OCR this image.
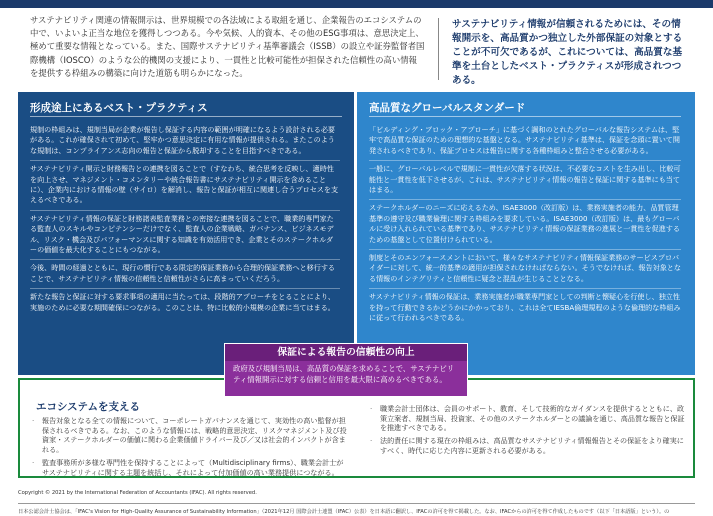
サステナビリティ関連の情報開示は、世界規模での各法域による取組を通じ、企業報告のエコシステムの中で、いよいよ正当な地位を獲得しつつある。今や気候、人的資本、その他のESG事項は、意思決定上、極めて重要な情報となっている。また、国際サステナビリティ基準審議会（ISSB）の設立や証券監督者国際機構（IOSCO）のような公的機関の支援により、一貫性と比較可能性が担保された信頼性の高い情報を提供する枠組みの構築に向けた道筋も明らかになった。
サステナビリティ情報が信頼されるためには、その情報開示を、高品質かつ独立した外部保証の対象とすることが不可欠であるが、これについては、高品質な基準を土台としたベスト・プラクティスが形成されつつある。
形成途上にあるベスト・プラクティス

規制の枠組みは、規制当局が企業が報告し保証する内容の範囲が明確になるよう設計される必要がある。これが確保されて初めて、堅牢かつ意思決定に有用な情報が提供される。またこのような規制は、コンプライアンス志向の報告と保証から脱却することを目指すべきである。

サステナビリティ開示と財務報告との連携を図ることで（すなわち、統合思考を反映し、適時性を向上させ、マネジメント・コメンタリーや統合報告書にサステナビリティ開示を含めることに）、企業内における情報の壁（サイロ）を解消し、報告と保証が相互に関連し合うプロセスを支えるべきである。

サステナビリティ情報の保証と財務諸表監査業務との密接な連携を図ることで、職業的専門家たる監査人のスキルやコンピテンシーだけでなく、監査人の企業戦略、ガバナンス、ビジネスモデル、リスク・機会及びパフォーマンスに関する知識を有効活用でき、企業とそのステークホルダーの価値を最大化することにもつながる。

今後、時間の経過とともに、現行の慣行である限定的保証業務から合理的保証業務へと移行することで、サステナビリティ情報の信頼性と信頼性がさらに高まっていくだろう。

新たな報告と保証に対する要求事項の適用に当たっては、段階的アプローチをとることにより、実施のために必要な期間確保につながる。このことは、特に比較的小規模の企業に当てはまる。

高品質なグローバルスタンダード

「ビルディング・ブロック・アプローチ」に基づく調和のとれたグローバルな報告システムは、堅牢で高品質な保証のための理想的な基盤となる。サステナビリティ基準は、保証を念頭に置いて開発されるべきであり、保証プロセスは報告に関する各種枠組みと整合させる必要がある。

一般に、グローバルレベルで規制に一貫性が欠落する状況は、不必要なコストを生み出し、比較可能性と一貫性を低下させるが、これは、サステナビリティ情報の報告と保証に関する基準にも当てはまる。

ステークホルダーのニーズに応えるため、ISAE3000（改訂版）は、業務実施者の能力、品質管理基準の遵守及び職業倫理に関する枠組みを要求している。ISAE3000（改訂版）は、最もグローバルに受け入れられている基準であり、サステナビリティ情報の保証業務の進展と一貫性を促進するための基盤として位置付けられている。

制度とそのエンフォースメントにおいて、様々なサステナビリティ情報保証業務のサービスプロバイダーに対して、統一的基準の適用が担保されなければならない。そうでなければ、報告対象となる情報のインテグリティと信頼性に疑念と混乱が生じることとなる。

サステナビリティ情報の保証は、業務実施者が職業専門家としての判断と懐疑心を行使し、独立性を持って行動できるかどうかにかかっており、これは全てIESBA倫理規程のような倫理的な枠組みに従って行われるべきである。

保証による報告の信頼性の向上
政府及び規制当局は、高品質の保証を求めることで、サステナビリティ情報開示に対する信頼と信用を最大限に高めるべきである。
エコシステムを支える
· 報告対象となる全ての情報について、コーポレートガバナンスを通じて、実効性の高い監督が担保されるべきである。なお、このような情報には、戦略的意思決定、リスクマネジメント及び投資家・ステークホルダーの価値に関わる企業価値ドライバー及び／又は社会的インパクトが含まれる。
· 監査事務所が多様な専門性を保持することによって（Multidisciplinary firms）、職業会計士がサステナビリティに関する主題を統括し、それによって付加価値の高い業務提供につながる。
· 職業会計士団体は、会員のサポート、教育、そして技術的なガイダンスを提供するとともに、政策立案者、規制当局、投資家、その他のステークホルダーとの議論を通じ、高品質な報告と保証を推進すべきである。
· 法的責任に関する現在の枠組みは、高品質なサステナビリティ情報報告とその保証をより確実にすべく、時代に応じた内容に更新される必要がある。
Copyright © 2021 by the International Federation of Accountants (IFAC). All rights reserved.
日本公認会計士協会は、「IFAC's Vision for High-Quality Assurance of Sustainability Information」（2021年12月 国際会計士連盟（IFAC）公表）を日本語に翻訳し、IFACの許可を得て掲載した。なお、IFACからの許可を得て作成したものです（以下「日本語版」という）。の
